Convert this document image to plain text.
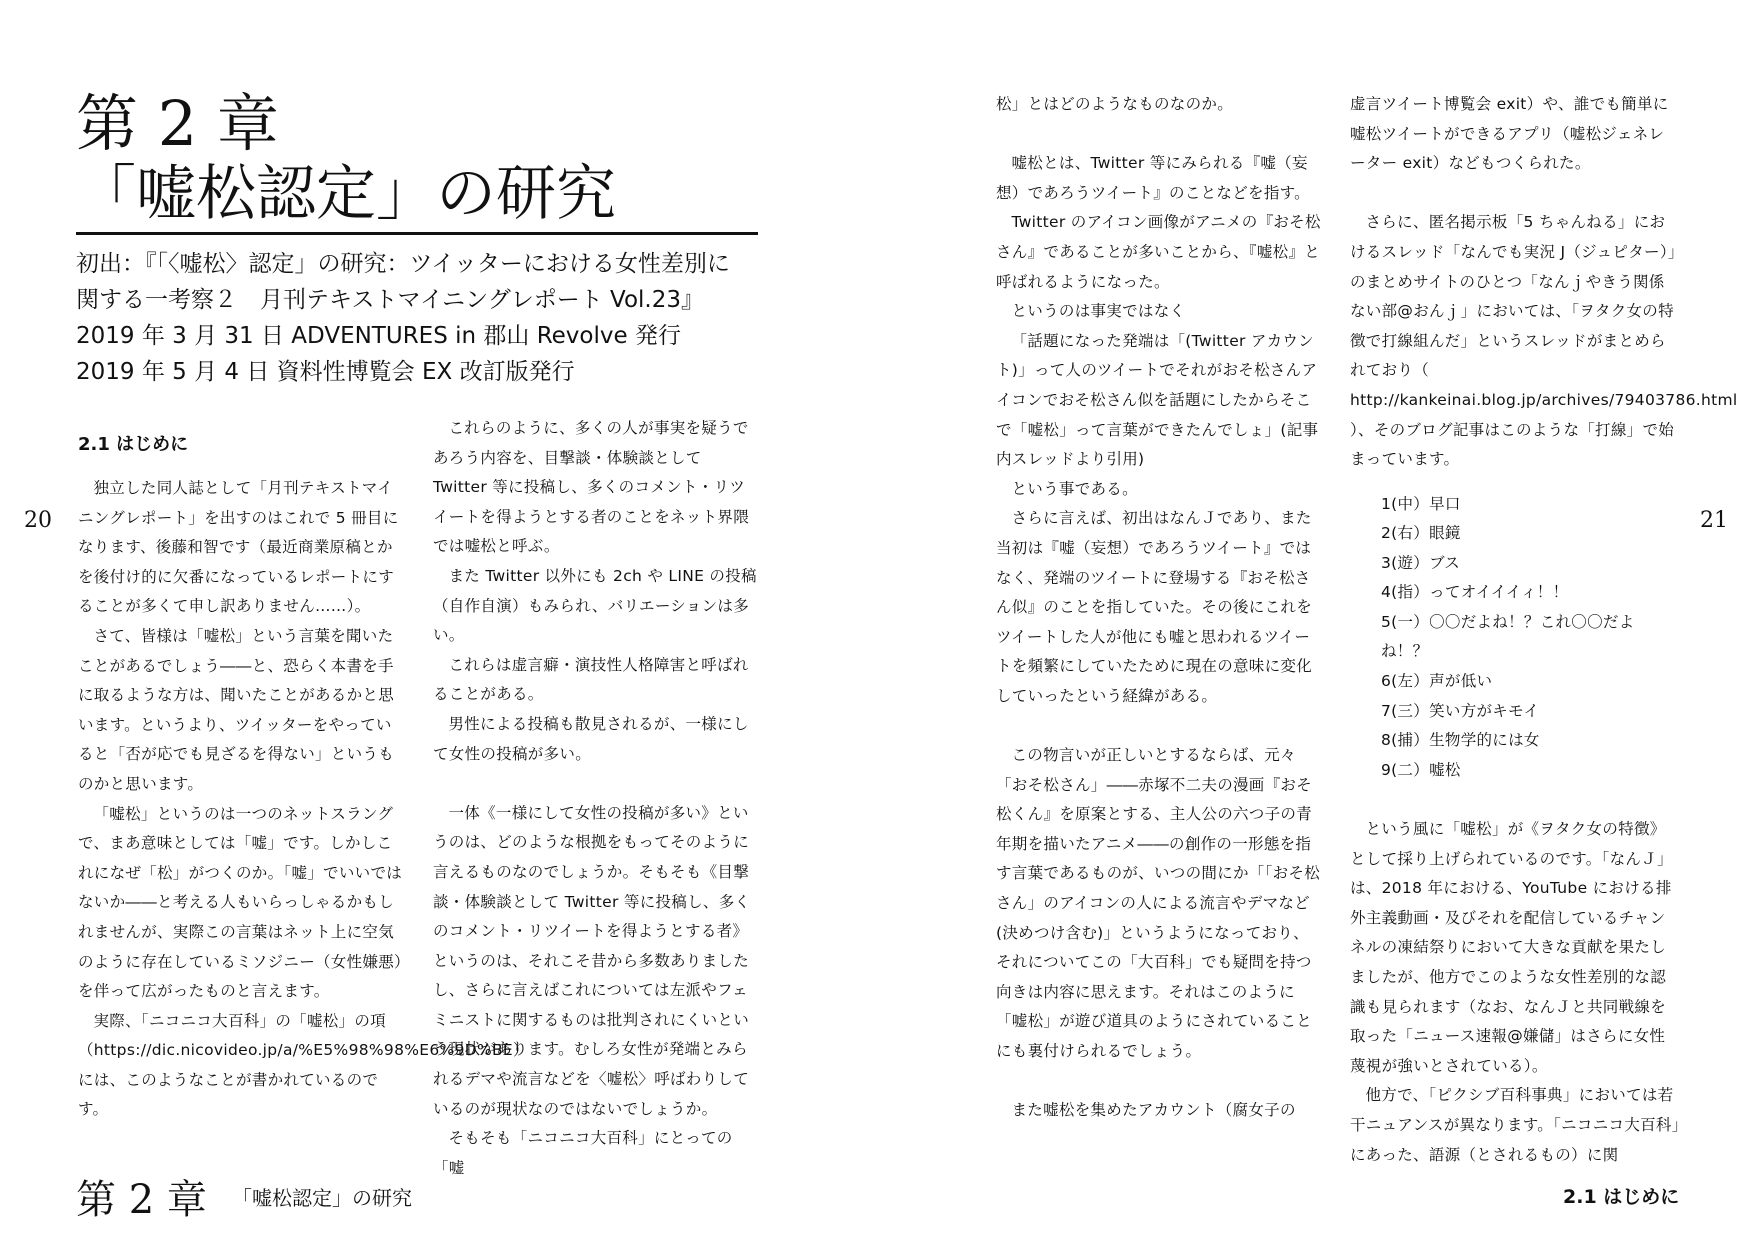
第 2 章
「嘘松認定」の研究
初出：『「〈嘘松〉認定」の研究：ツイッターにおける女性差別に
関する一考察２　月刊テキストマイニングレポート Vol.23』
2019 年 3 月 31 日 ADVENTURES in 郡山 Revolve 発行
2019 年 5 月 4 日 資料性博覧会 EX 改訂版発行
20
2.1 はじめに

独立した同人誌として「月刊テキストマイニングレポート」を出すのはこれで 5 冊目になります、後藤和智です（最近商業原稿とかを後付け的に欠番になっているレポートにすることが多くて申し訳ありません……）。

さて、皆様は「嘘松」という言葉を聞いたことがあるでしょう――と、恐らく本書を手に取るような方は、聞いたことがあるかと思います。というより、ツイッターをやっていると「否が応でも見ざるを得ない」というものかと思います。

「嘘松」というのは一つのネットスラングで、まあ意味としては「嘘」です。しかしこれになぜ「松」がつくのか。「嘘」でいいではないか――と考える人もいらっしゃるかもしれませんが、実際この言葉はネット上に空気のように存在しているミソジニー（女性嫌悪）を伴って広がったものと言えます。

実際、「ニコニコ大百科」の「嘘松」の項（https://dic.nicovideo.jp/a/%E5%98%98%E6%9D%BE）には、このようなことが書かれているのです。

これらのように、多くの人が事実を疑うであろう内容を、目撃談・体験談として Twitter 等に投稿し、多くのコメント・リツイートを得ようとする者のことをネット界隈では嘘松と呼ぶ。

また Twitter 以外にも 2ch や LINE の投稿（自作自演）もみられ、バリエーションは多い。

これらは虚言癖・演技性人格障害と呼ばれることがある。

男性による投稿も散見されるが、一様にして女性の投稿が多い。

一体《一様にして女性の投稿が多い》というのは、どのような根拠をもってそのように言えるものなのでしょうか。そもそも《目撃談・体験談として Twitter 等に投稿し、多くのコメント・リツイートを得ようとする者》というのは、それこそ昔から多数ありましたし、さらに言えばこれについては左派やフェミニストに関するものは批判されにくいという現状があります。むしろ女性が発端とみられるデマや流言などを〈嘘松〉呼ばわりしているのが現状なのではないでしょうか。

そもそも「ニコニコ大百科」にとっての「嘘

第 2 章 「嘘松認定」の研究
21

松」とはどのようなものなのか。

嘘松とは、Twitter 等にみられる『嘘（妄想）であろうツイート』のことなどを指す。

Twitter のアイコン画像がアニメの『おそ松さん』であることが多いことから、『嘘松』と呼ばれるようになった。

というのは事実ではなく

「話題になった発端は「(Twitter アカウント)」って人のツイートでそれがおそ松さんアイコンでおそ松さん似を話題にしたからそこで「嘘松」って言葉ができたんでしょ」(記事内スレッドより引用)

という事である。

さらに言えば、初出はなんＪであり、また当初は『嘘（妄想）であろうツイート』ではなく、発端のツイートに登場する『おそ松さん似』のことを指していた。その後にこれをツイートした人が他にも嘘と思われるツイートを頻繁にしていたために現在の意味に変化していったという経緯がある。

この物言いが正しいとするならば、元々「おそ松さん」――赤塚不二夫の漫画『おそ松くん』を原案とする、主人公の六つ子の青年期を描いたアニメ――の創作の一形態を指す言葉であるものが、いつの間にか「「おそ松さん」のアイコンの人による流言やデマなど(決めつけ含む)」というようになっており、それについてこの「大百科」でも疑問を持つ向きは内容に思えます。それはこのように「嘘松」が遊び道具のようにされていることにも裏付けられるでしょう。

また嘘松を集めたアカウント（腐女子の

虚言ツイート博覧会 exit）や、誰でも簡単に嘘松ツイートができるアプリ（嘘松ジェネレーター exit）などもつくられた。

さらに、匿名掲示板「5 ちゃんねる」におけるスレッド「なんでも実況 J（ジュピター）」のまとめサイトのひとつ「なんｊやきう関係ない部@おんｊ」においては、「ヲタク女の特徴で打線組んだ」というスレッドがまとめられており（ http://kankeinai.blog.jp/archives/79403786.html ）、そのブログ記事はこのような「打線」で始まっています。

1(中）早口

2(右）眼鏡

3(遊）ブス

4(指）ってオイイイィ！！

5(一）〇〇だよね！？これ〇〇だよね！？

6(左）声が低い

7(三）笑い方がキモイ

8(捕）生物学的には女

9(二）嘘松

という風に「嘘松」が《ヲタク女の特徴》として採り上げられているのです。「なんＪ」は、2018 年における、YouTube における排外主義動画・及びそれを配信しているチャンネルの凍結祭りにおいて大きな貢献を果たしましたが、他方でこのような女性差別的な認識も見られます（なお、なんＪと共同戦線を取った「ニュース速報@嫌儲」はさらに女性蔑視が強いとされている）。

他方で、「ピクシブ百科事典」においては若干ニュアンスが異なります。「ニコニコ大百科」にあった、語源（とされるもの）に関

2.1 はじめに
